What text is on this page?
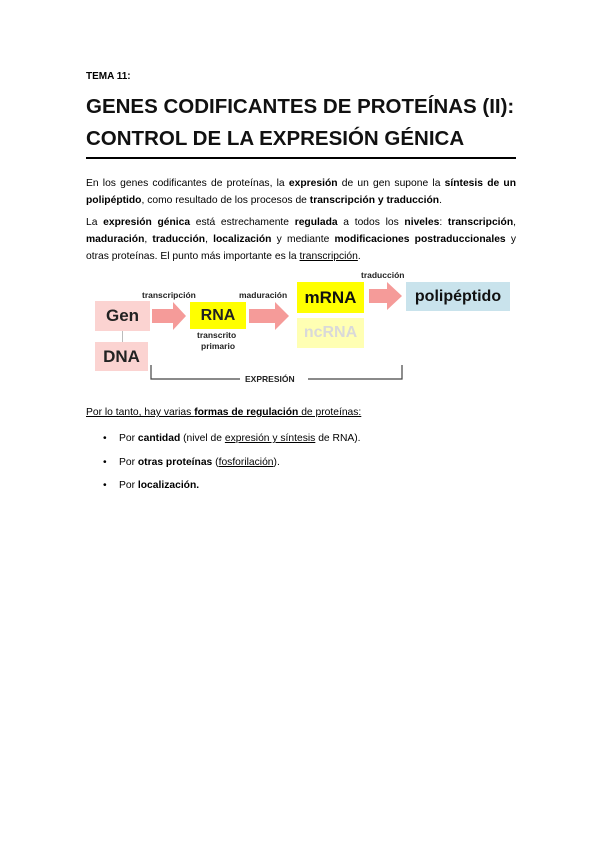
TEMA 11:
GENES CODIFICANTES DE PROTEÍNAS (II):
CONTROL DE LA EXPRESIÓN GÉNICA

En los genes codificantes de proteínas, la expresión de un gen supone la síntesis de un polipéptido, como resultado de los procesos de transcripción y traducción.

La expresión génica está estrechamente regulada a todos los niveles: transcripción, maduración, traducción, localización y mediante modificaciones postraduccionales y otras proteínas. El punto más importante es la transcripción.

Gen
DNA
RNA
mRNA
ncRNA
polipéptido
transcripción	maduración
traducción
transcrito
primario
EXPRESIÓN

Por lo tanto, hay varias formas de regulación de proteínas:

• Por cantidad (nivel de expresión y síntesis de RNA).
• Por otras proteínas (fosforilación).
• Por localización.
